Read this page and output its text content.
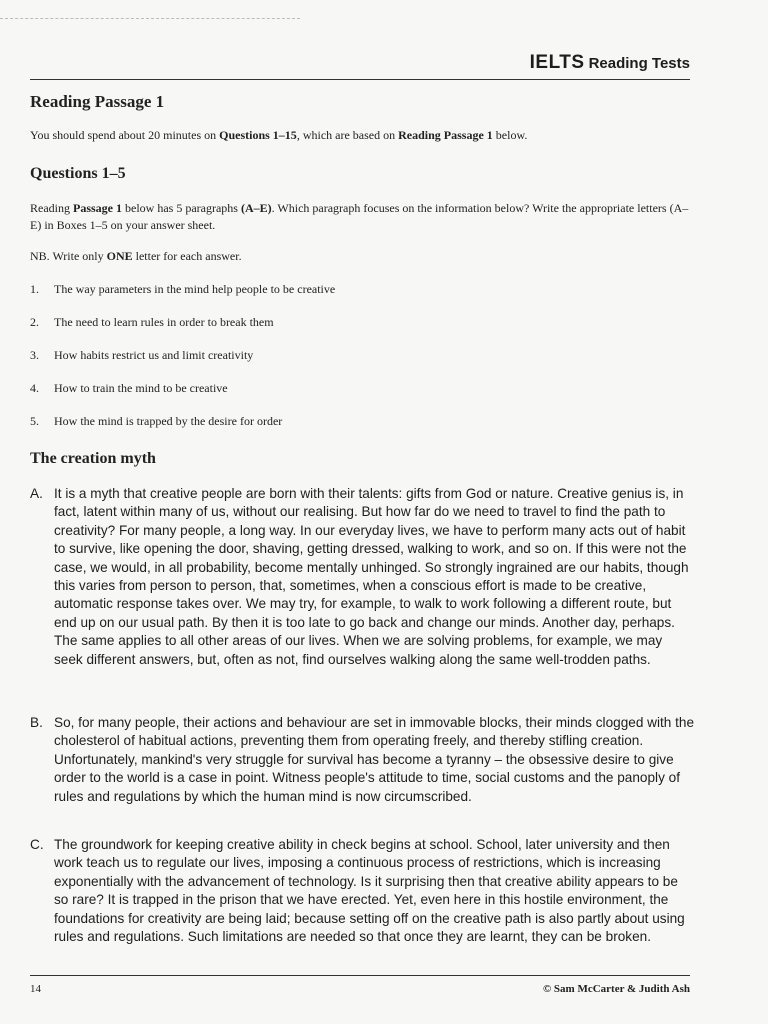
IELTS Reading Tests
Reading Passage 1
You should spend about 20 minutes on Questions 1–15, which are based on Reading Passage 1 below.
Questions 1–5
Reading Passage 1 below has 5 paragraphs (A–E). Which paragraph focuses on the information below? Write the appropriate letters (A–E) in Boxes 1–5 on your answer sheet.
NB. Write only ONE letter for each answer.
1.	The way parameters in the mind help people to be creative
2.	The need to learn rules in order to break them
3.	How habits restrict us and limit creativity
4.	How to train the mind to be creative
5.	How the mind is trapped by the desire for order
The creation myth
A. It is a myth that creative people are born with their talents: gifts from God or nature. Creative genius is, in fact, latent within many of us, without our realising. But how far do we need to travel to find the path to creativity? For many people, a long way. In our everyday lives, we have to perform many acts out of habit to survive, like opening the door, shaving, getting dressed, walking to work, and so on. If this were not the case, we would, in all probability, become mentally unhinged. So strongly ingrained are our habits, though this varies from person to person, that, sometimes, when a conscious effort is made to be creative, automatic response takes over. We may try, for example, to walk to work following a different route, but end up on our usual path. By then it is too late to go back and change our minds. Another day, perhaps. The same applies to all other areas of our lives. When we are solving problems, for example, we may seek different answers, but, often as not, find ourselves walking along the same well-trodden paths.
B. So, for many people, their actions and behaviour are set in immovable blocks, their minds clogged with the cholesterol of habitual actions, preventing them from operating freely, and thereby stifling creation. Unfortunately, mankind's very struggle for survival has become a tyranny – the obsessive desire to give order to the world is a case in point. Witness people's attitude to time, social customs and the panoply of rules and regulations by which the human mind is now circumscribed.
C. The groundwork for keeping creative ability in check begins at school. School, later university and then work teach us to regulate our lives, imposing a continuous process of restrictions, which is increasing exponentially with the advancement of technology. Is it surprising then that creative ability appears to be so rare? It is trapped in the prison that we have erected. Yet, even here in this hostile environment, the foundations for creativity are being laid; because setting off on the creative path is also partly about using rules and regulations. Such limitations are needed so that once they are learnt, they can be broken.
14	© Sam McCarter & Judith Ash
